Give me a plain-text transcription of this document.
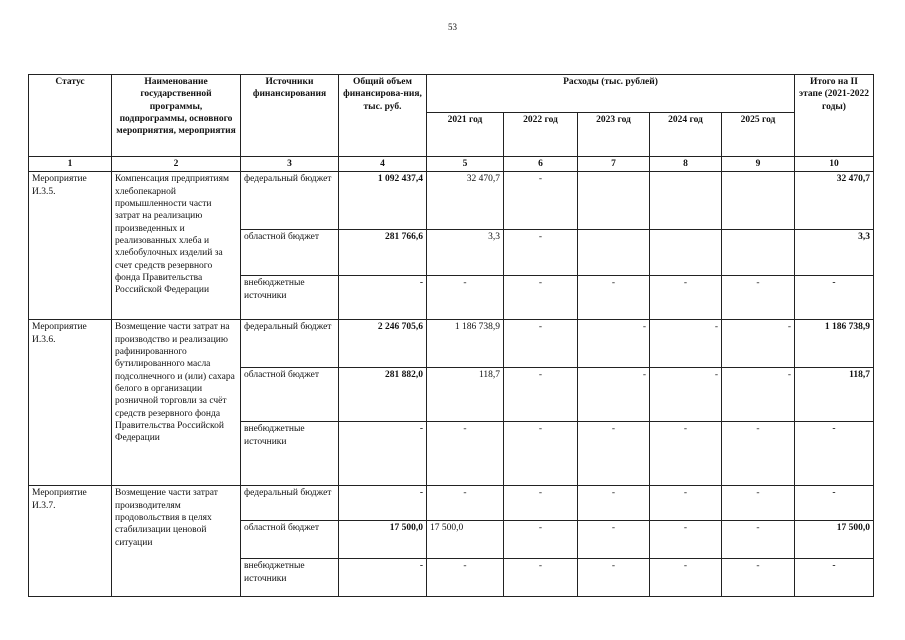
53
Статус	Наименование государственной программы, подпрограммы, основного мероприятия, мероприятия	Источники финансирования	Общий объем финансирова-ния, тыс. руб.	Расходы (тыс. рублей)					Итого на II этапе (2021-2022 годы)
				2021 год	2022 год	2023 год	2024 год	2025 год	
1	2	3	4	5	6	7	8	9	10
Мероприятие И.3.5.	Компенсация предприятиям хлебопекарной промышленности части затрат на реализацию произведенных и реализованных хлеба и хлебобулочных изделий за счет средств резервного фонда Правительства Российской Федерации	федеральный бюджет	1 092 437,4	32 470,7	-				32 470,7
		областной бюджет	281 766,6	3,3	-				3,3
		внебюджетные источники	-	-	-	-	-	-	-
Мероприятие И.3.6.	Возмещение части затрат на производство и реализацию рафинированного бутилированного масла подсолнечного и (или) сахара белого в организации розничной торговли за счёт средств резервного фонда Правительства Российской Федерации	федеральный бюджет	2 246 705,6	1 186 738,9	-	-	-	-	1 186 738,9
		областной бюджет	281 882,0	118,7	-	-	-	-	118,7
		внебюджетные источники	-	-	-	-	-	-	-
Мероприятие И.3.7.	Возмещение части затрат производителям продовольствия в целях стабилизации ценовой ситуации	федеральный бюджет	-	-	-	-	-	-	-
		областной бюджет	17 500,0	17 500,0	-	-	-	-	17 500,0
		внебюджетные источники	-	-	-	-	-	-	-
